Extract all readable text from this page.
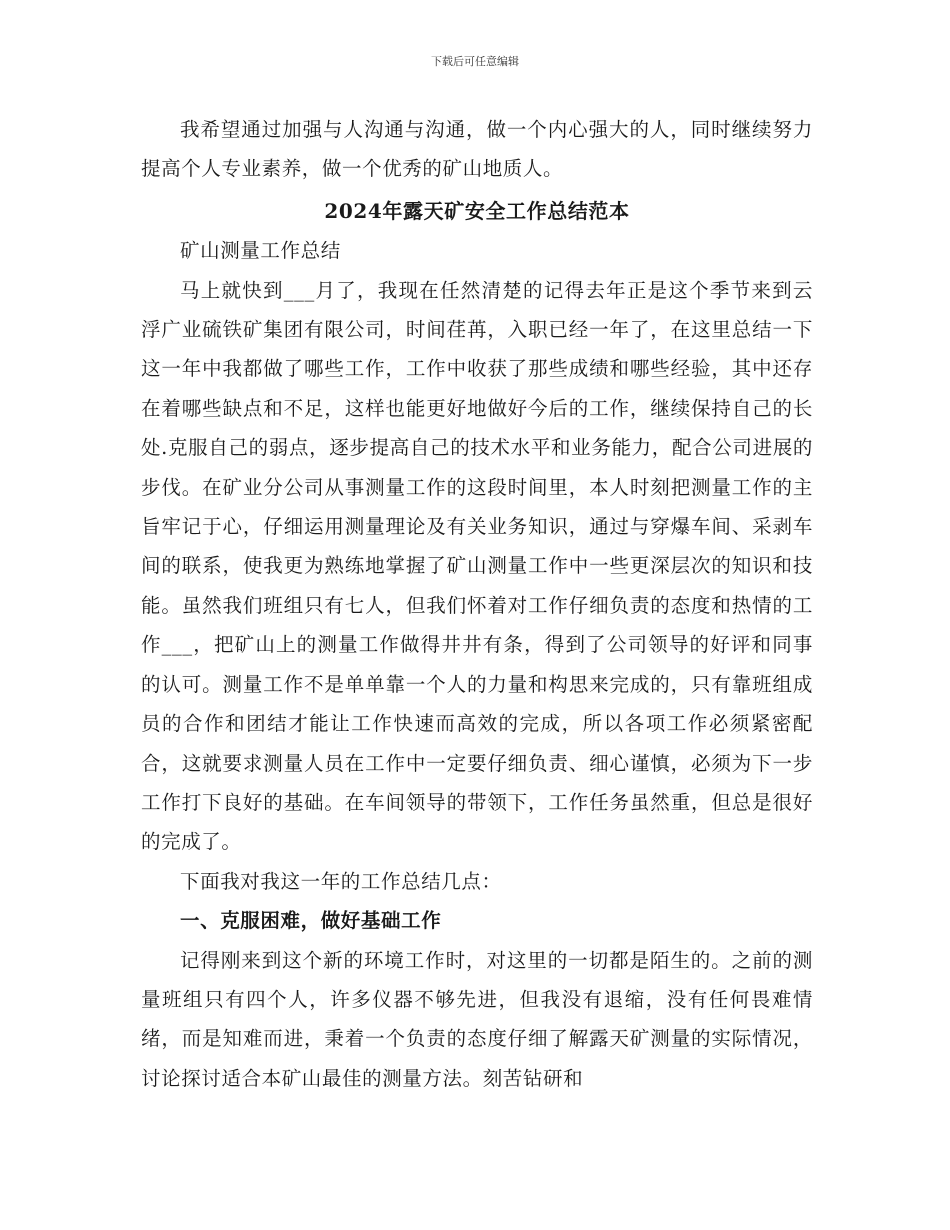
下载后可任意编辑

我希望通过加强与人沟通与沟通，做一个内心强大的人，同时继续努力提高个人专业素养，做一个优秀的矿山地质人。

2024年露天矿安全工作总结范本

矿山测量工作总结

马上就快到___月了，我现在任然清楚的记得去年正是这个季节来到云浮广业硫铁矿集团有限公司，时间荏苒，入职已经一年了，在这里总结一下这一年中我都做了哪些工作，工作中收获了那些成绩和哪些经验，其中还存在着哪些缺点和不足，这样也能更好地做好今后的工作，继续保持自己的长处.克服自己的弱点，逐步提高自己的技术水平和业务能力，配合公司进展的步伐。在矿业分公司从事测量工作的这段时间里，本人时刻把测量工作的主旨牢记于心，仔细运用测量理论及有关业务知识，通过与穿爆车间、采剥车间的联系，使我更为熟练地掌握了矿山测量工作中一些更深层次的知识和技能。虽然我们班组只有七人，但我们怀着对工作仔细负责的态度和热情的工作___，把矿山上的测量工作做得井井有条，得到了公司领导的好评和同事的认可。测量工作不是单单靠一个人的力量和构思来完成的，只有靠班组成员的合作和团结才能让工作快速而高效的完成，所以各项工作必须紧密配合，这就要求测量人员在工作中一定要仔细负责、细心谨慎，必须为下一步工作打下良好的基础。在车间领导的带领下，工作任务虽然重，但总是很好的完成了。

下面我对我这一年的工作总结几点：

一、克服困难，做好基础工作

记得刚来到这个新的环境工作时，对这里的一切都是陌生的。之前的测量班组只有四个人，许多仪器不够先进，但我没有退缩，没有任何畏难情绪，而是知难而进，秉着一个负责的态度仔细了解露天矿测量的实际情况，讨论探讨适合本矿山最佳的测量方法。刻苦钻研和
